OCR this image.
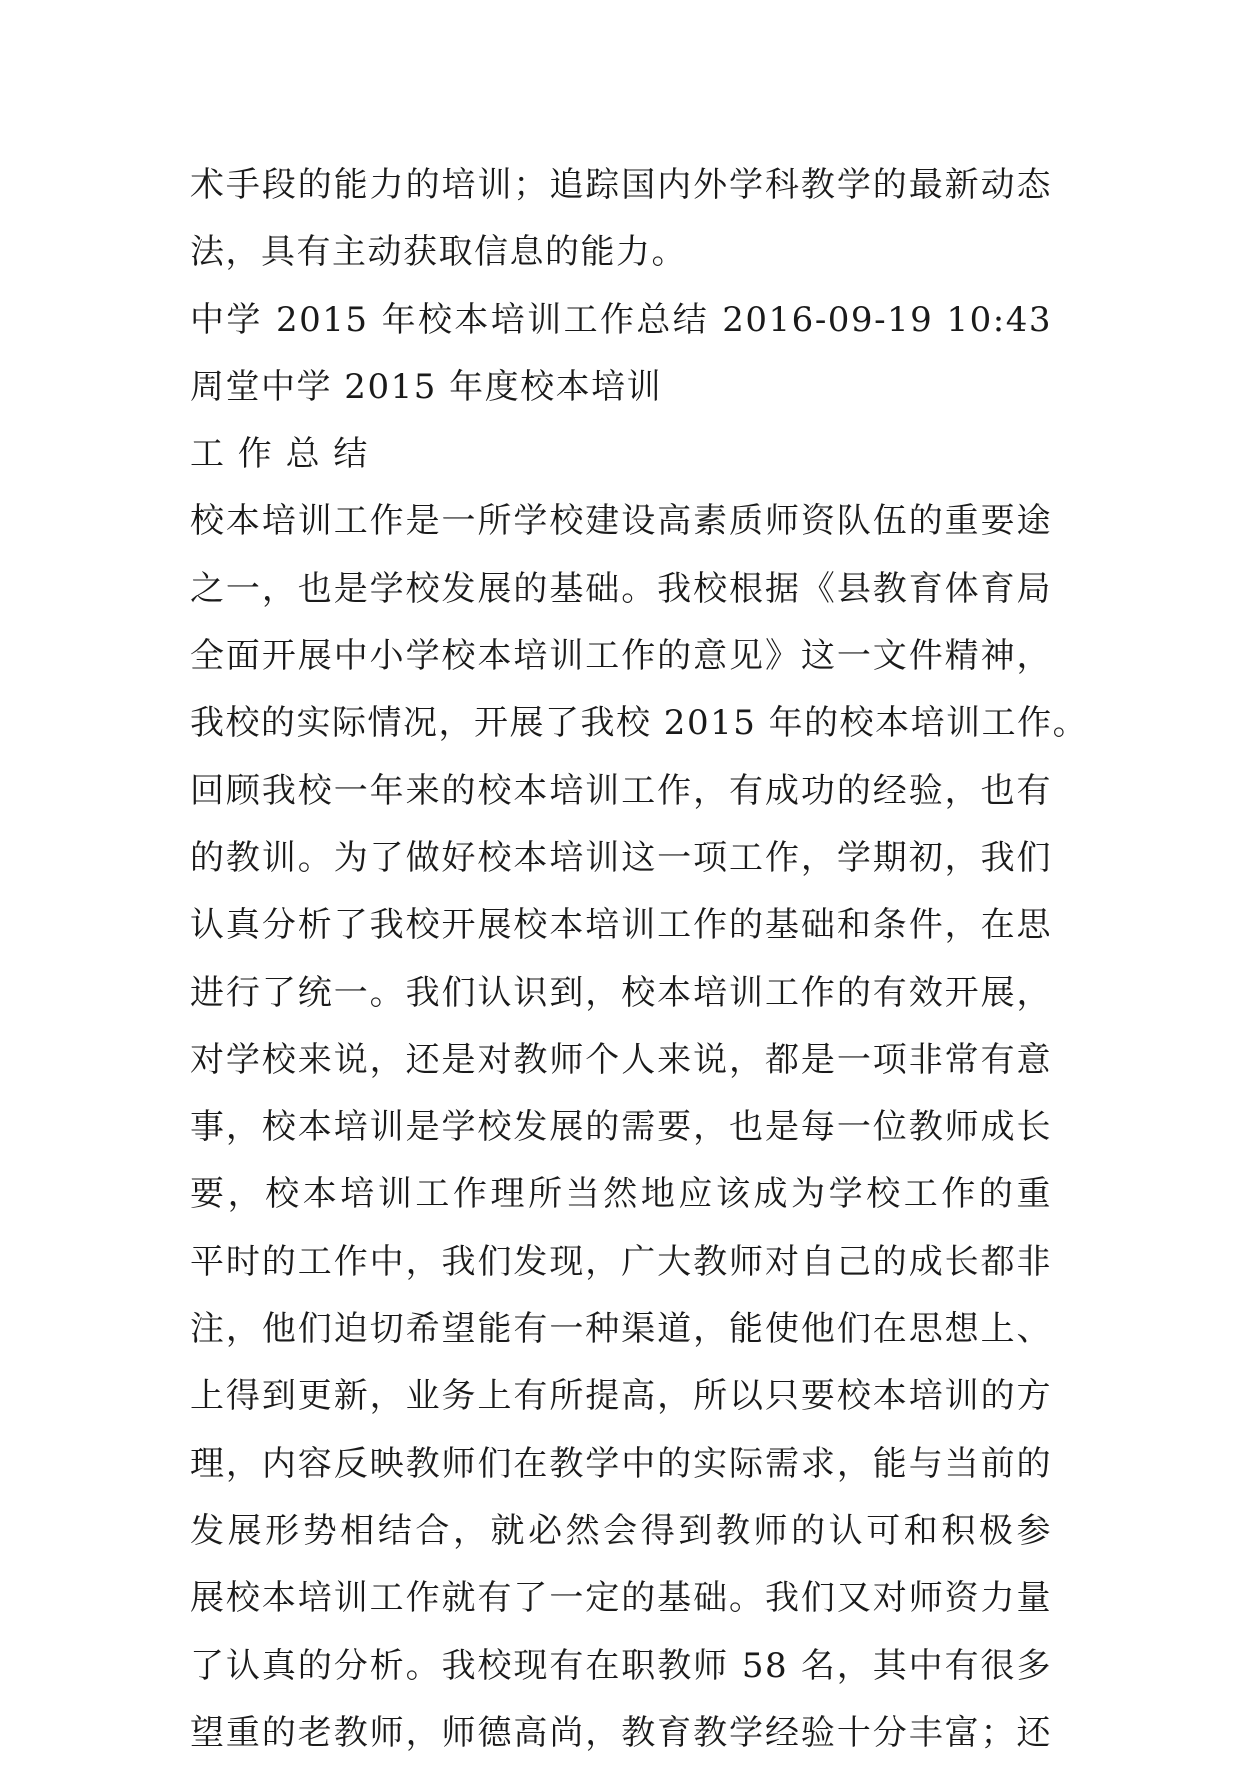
术手段的能力的培训；追踪国内外学科教学的最新动态
法，具有主动获取信息的能力。
中学 2015 年校本培训工作总结 2016-09-19 10:43
周堂中学 2015 年度校本培训
工 作 总 结
校本培训工作是一所学校建设高素质师资队伍的重要途
之一，也是学校发展的基础。我校根据《县教育体育局
全面开展中小学校本培训工作的意见》这一文件精神，
我校的实际情况，开展了我校 2015 年的校本培训工作。
回顾我校一年来的校本培训工作，有成功的经验，也有
的教训。为了做好校本培训这一项工作，学期初，我们
认真分析了我校开展校本培训工作的基础和条件，在思
进行了统一。我们认识到，校本培训工作的有效开展，
对学校来说，还是对教师个人来说，都是一项非常有意
事，校本培训是学校发展的需要，也是每一位教师成长
要，校本培训工作理所当然地应该成为学校工作的重
平时的工作中，我们发现，广大教师对自己的成长都非
注，他们迫切希望能有一种渠道，能使他们在思想上、
上得到更新，业务上有所提高，所以只要校本培训的方
理，内容反映教师们在教学中的实际需求，能与当前的
发展形势相结合，就必然会得到教师的认可和积极参
展校本培训工作就有了一定的基础。我们又对师资力量
了认真的分析。我校现有在职教师 58 名，其中有很多
望重的老教师，师德高尚，教育教学经验十分丰富；还
